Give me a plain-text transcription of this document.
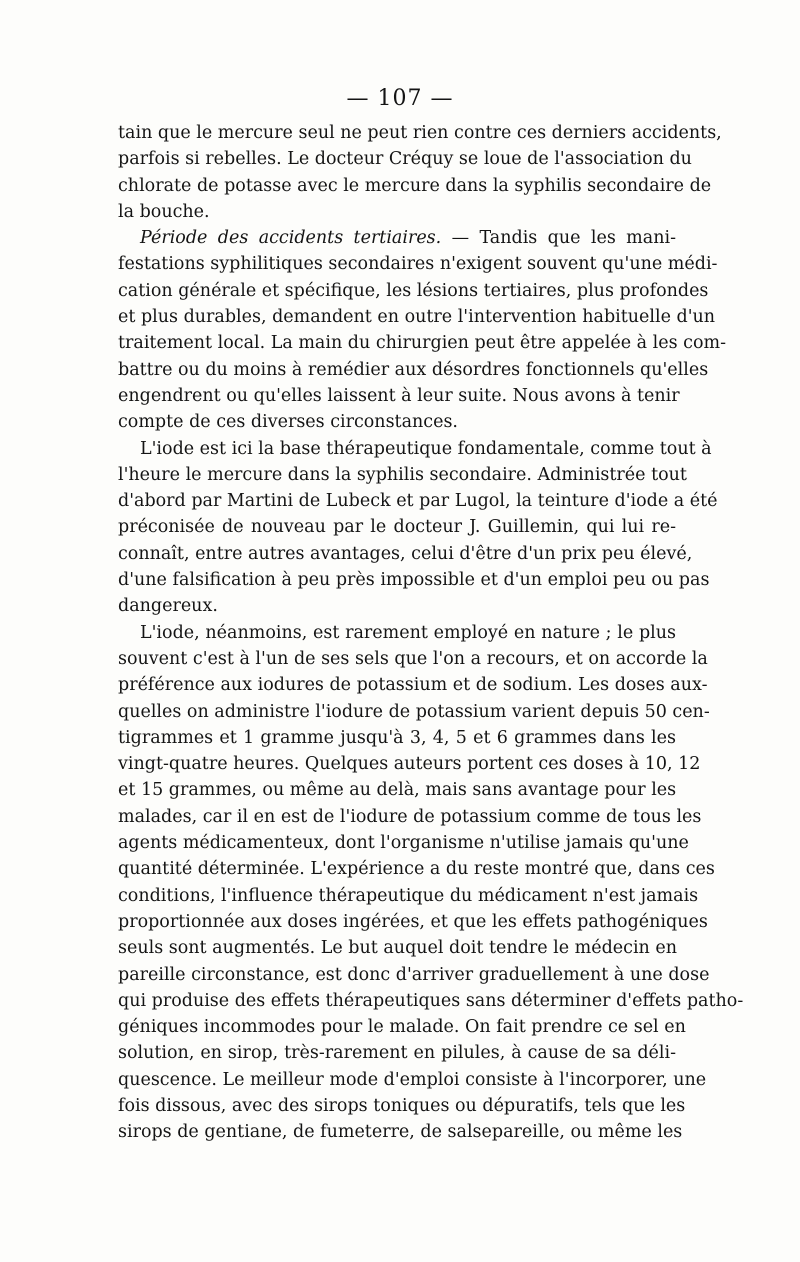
— 107 —
tain que le mercure seul ne peut rien contre ces derniers accidents,
parfois si rebelles. Le docteur Créquy se loue de l'association du
chlorate de potasse avec le mercure dans la syphilis secondaire de
la bouche.
Période des accidents tertiaires. — Tandis que les mani-
festations syphilitiques secondaires n'exigent souvent qu'une médi-
cation générale et spécifique, les lésions tertiaires, plus profondes
et plus durables, demandent en outre l'intervention habituelle d'un
traitement local. La main du chirurgien peut être appelée à les com-
battre ou du moins à remédier aux désordres fonctionnels qu'elles
engendrent ou qu'elles laissent à leur suite. Nous avons à tenir
compte de ces diverses circonstances.
L'iode est ici la base thérapeutique fondamentale, comme tout à
l'heure le mercure dans la syphilis secondaire. Administrée tout
d'abord par Martini de Lubeck et par Lugol, la teinture d'iode a été
préconisée de nouveau par le docteur J. Guillemin, qui lui re-
connaît, entre autres avantages, celui d'être d'un prix peu élevé,
d'une falsification à peu près impossible et d'un emploi peu ou pas
dangereux.
L'iode, néanmoins, est rarement employé en nature ; le plus
souvent c'est à l'un de ses sels que l'on a recours, et on accorde la
préférence aux iodures de potassium et de sodium. Les doses aux-
quelles on administre l'iodure de potassium varient depuis 50 cen-
tigrammes et 1 gramme jusqu'à 3, 4, 5 et 6 grammes dans les
vingt-quatre heures. Quelques auteurs portent ces doses à 10, 12
et 15 grammes, ou même au delà, mais sans avantage pour les
malades, car il en est de l'iodure de potassium comme de tous les
agents médicamenteux, dont l'organisme n'utilise jamais qu'une
quantité déterminée. L'expérience a du reste montré que, dans ces
conditions, l'influence thérapeutique du médicament n'est jamais
proportionnée aux doses ingérées, et que les effets pathogéniques
seuls sont augmentés. Le but auquel doit tendre le médecin en
pareille circonstance, est donc d'arriver graduellement à une dose
qui produise des effets thérapeutiques sans déterminer d'effets patho-
géniques incommodes pour le malade. On fait prendre ce sel en
solution, en sirop, très-rarement en pilules, à cause de sa déli-
quescence. Le meilleur mode d'emploi consiste à l'incorporer, une
fois dissous, avec des sirops toniques ou dépuratifs, tels que les
sirops de gentiane, de fumeterre, de salsepareille, ou même les
